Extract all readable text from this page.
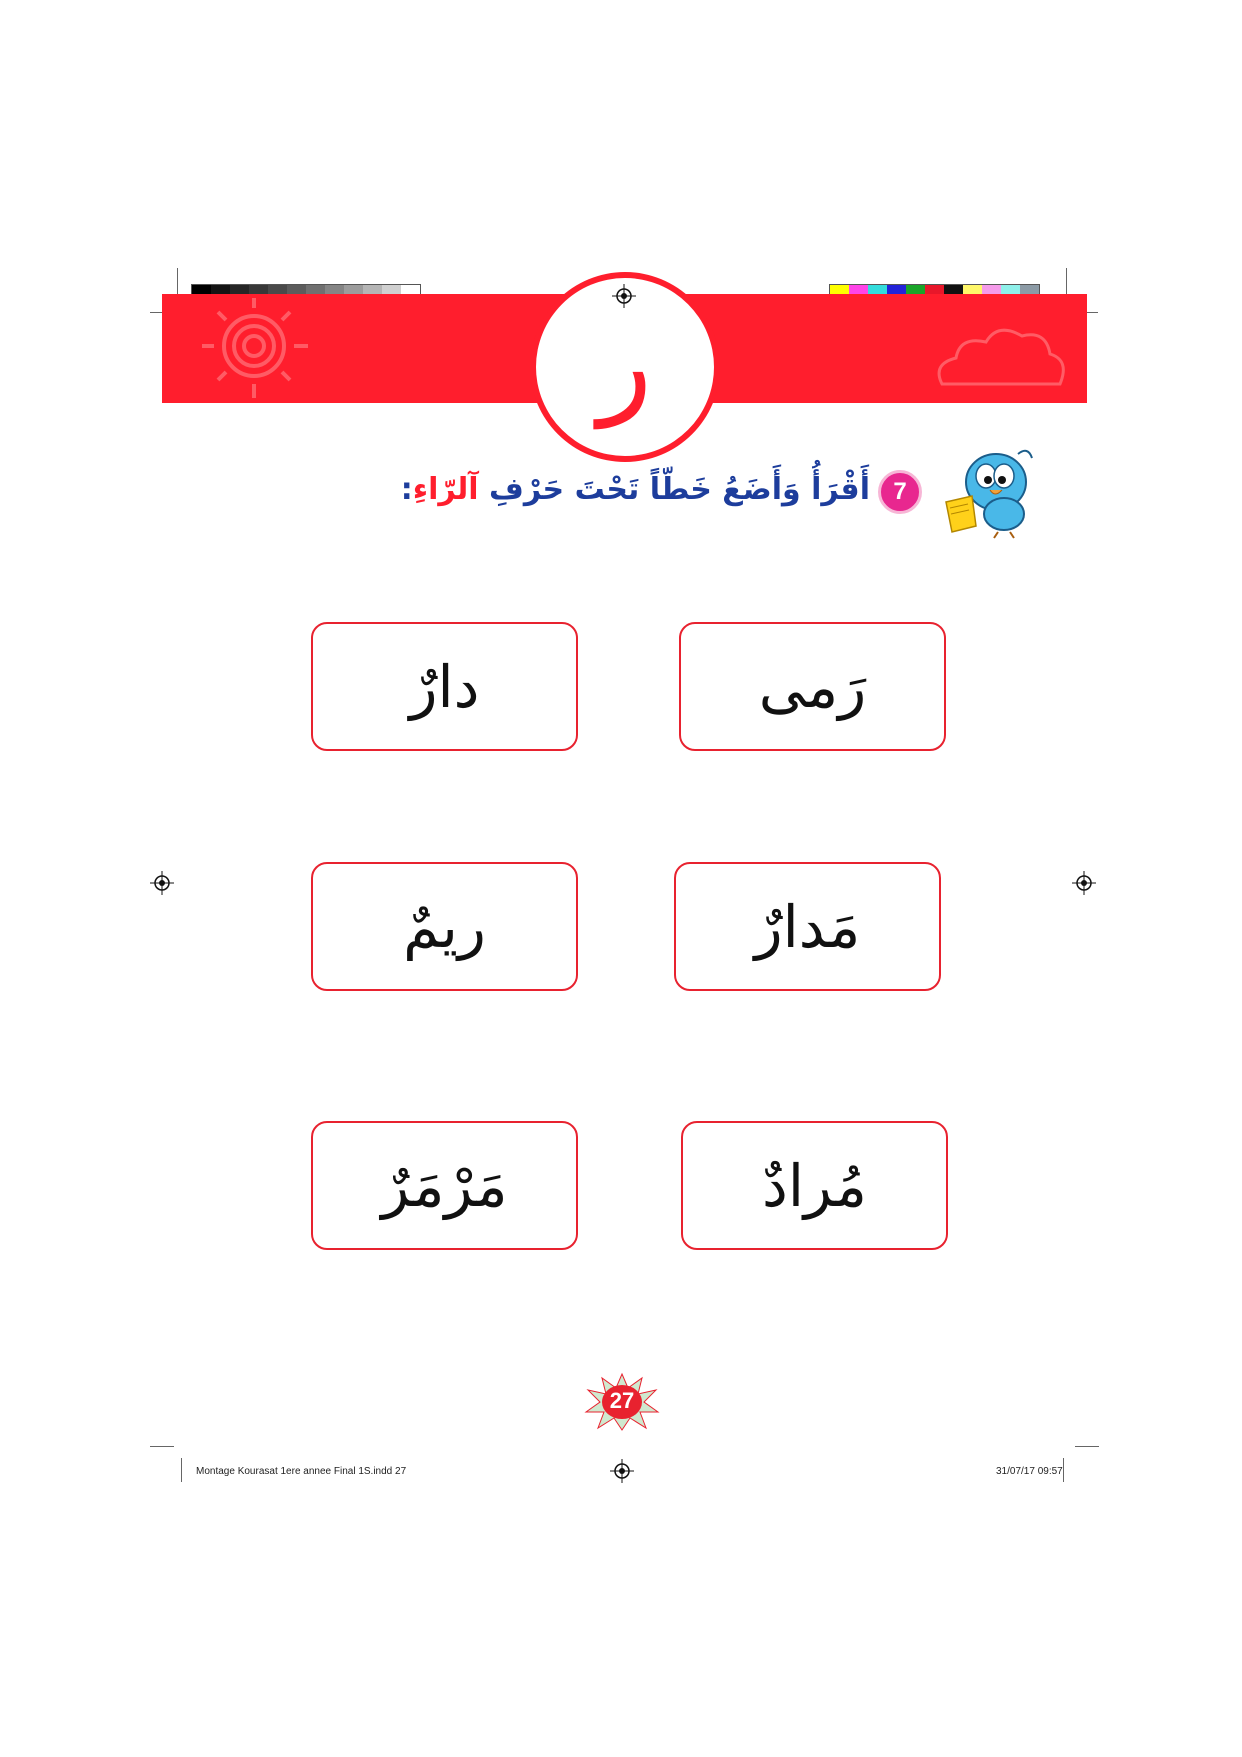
ر
أَقْرَأُ وَأَضَعُ خَطّاً تَحْتَ حَرْفِ آلرّاءِ:	7
دارٌ	رَمى
ريمٌ	مَدارٌ
مَرْمَرٌ	مُرادٌ
27
Montage Kourasat 1ere annee Final 1S.indd 27	31/07/17 09:57
